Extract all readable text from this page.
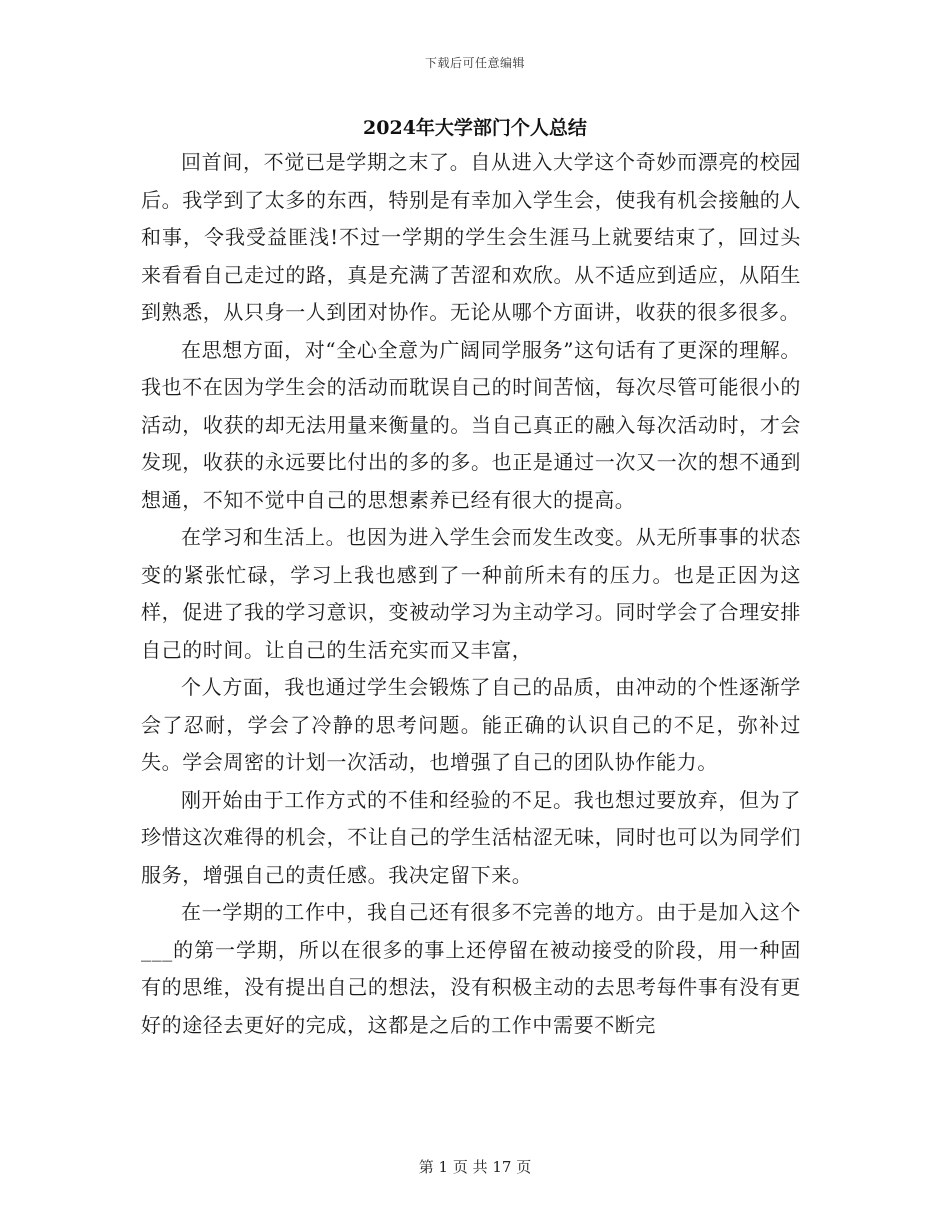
下载后可任意编辑
2024年大学部门个人总结

回首间，不觉已是学期之末了。自从进入大学这个奇妙而漂亮的校园后。我学到了太多的东西，特别是有幸加入学生会，使我有机会接触的人和事，令我受益匪浅!不过一学期的学生会生涯马上就要结束了，回过头来看看自己走过的路，真是充满了苦涩和欢欣。从不适应到适应，从陌生到熟悉，从只身一人到团对协作。无论从哪个方面讲，收获的很多很多。

在思想方面，对“全心全意为广阔同学服务”这句话有了更深的理解。我也不在因为学生会的活动而耽误自己的时间苦恼，每次尽管可能很小的活动，收获的却无法用量来衡量的。当自己真正的融入每次活动时，才会发现，收获的永远要比付出的多的多。也正是通过一次又一次的想不通到想通，不知不觉中自己的思想素养已经有很大的提高。

在学习和生活上。也因为进入学生会而发生改变。从无所事事的状态变的紧张忙碌，学习上我也感到了一种前所未有的压力。也是正因为这样，促进了我的学习意识，变被动学习为主动学习。同时学会了合理安排自己的时间。让自己的生活充实而又丰富，

个人方面，我也通过学生会锻炼了自己的品质，由冲动的个性逐渐学会了忍耐，学会了冷静的思考问题。能正确的认识自己的不足，弥补过失。学会周密的计划一次活动，也增强了自己的团队协作能力。

刚开始由于工作方式的不佳和经验的不足。我也想过要放弃，但为了珍惜这次难得的机会，不让自己的学生活枯涩无味，同时也可以为同学们服务，增强自己的责任感。我决定留下来。

在一学期的工作中，我自己还有很多不完善的地方。由于是加入这个___的第一学期，所以在很多的事上还停留在被动接受的阶段，用一种固有的思维，没有提出自己的想法，没有积极主动的去思考每件事有没有更好的途径去更好的完成，这都是之后的工作中需要不断完

第 1 页 共 17 页
